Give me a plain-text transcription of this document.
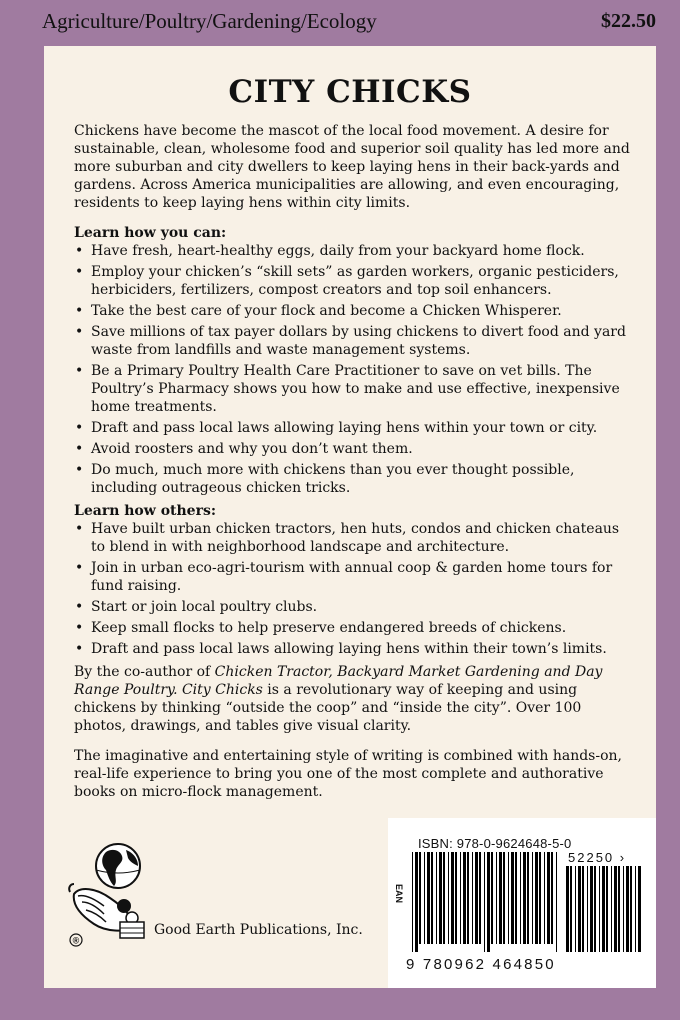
Agriculture/Poultry/Gardening/Ecology	$22.50
CITY CHICKS

Chickens have become the mascot of the local food movement. A desire for sustainable, clean, wholesome food and superior soil quality has led more and more suburban and city dwellers to keep laying hens in their back-yards and gardens. Across America municipalities are allowing, and even encouraging, residents to keep laying hens within city limits.

Learn how you can:
• Have fresh, heart-healthy eggs, daily from your backyard home flock.
• Employ your chicken’s “skill sets” as garden workers, organic pesticiders, herbiciders, fertilizers, compost creators and top soil enhancers.
• Take the best care of your flock and become a Chicken Whisperer.
• Save millions of tax payer dollars by using chickens to divert food and yard waste from landfills and waste management systems.
• Be a Primary Poultry Health Care Practitioner to save on vet bills. The Poultry’s Pharmacy shows you how to make and use effective, inexpensive home treatments.
• Draft and pass local laws allowing laying hens within your town or city.
• Avoid roosters and why you don’t want them.
• Do much, much more with chickens than you ever thought possible, including outrageous chicken tricks.
Learn how others:
• Have built urban chicken tractors, hen huts, condos and chicken chateaus to blend in with neighborhood landscape and architecture.
• Join in urban eco-agri-tourism with annual coop & garden home tours for fund raising.
• Start or join local poultry clubs.
• Keep small flocks to help preserve endangered breeds of chickens.
• Draft and pass local laws allowing laying hens within their town’s limits.

By the co-author of Chicken Tractor, Backyard Market Gardening and Day Range Poultry. City Chicks is a revolutionary way of keeping and using chickens by thinking “outside the coop” and “inside the city”. Over 100 photos, drawings, and tables give visual clarity.

The imaginative and entertaining style of writing is combined with hands-on, real-life experience to bring you one of the most complete and authorative books on micro-flock management.

®
Good Earth Publications, Inc.
ISBN: 978-0-9624648-5-0
52250 ›
EAN
9 780962 464850
